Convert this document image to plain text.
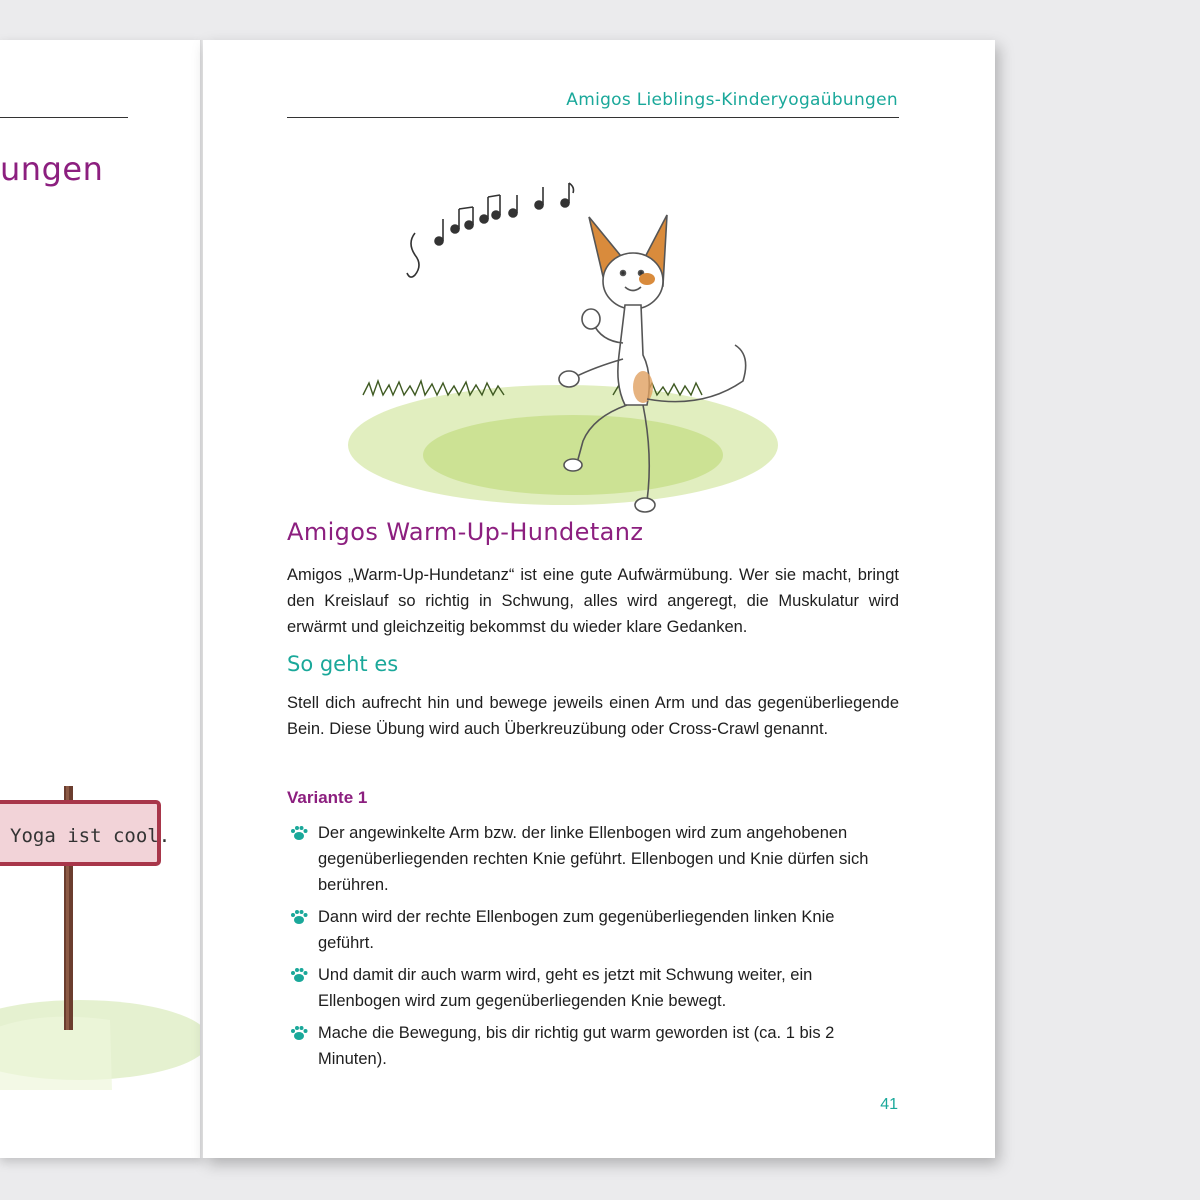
ungen
Yoga ist cool.
Amigos Lieblings-Kinderyogaübungen
Amigos Warm-Up-Hundetanz
Amigos „Warm-Up-Hundetanz“ ist eine gute Aufwärmübung. Wer sie macht, bringt den Kreislauf so richtig in Schwung, alles wird angeregt, die Muskulatur wird erwärmt und gleichzeitig bekommst du wieder klare Gedanken.
So geht es
Stell dich aufrecht hin und bewege jeweils einen Arm und das gegenüberliegende Bein. Diese Übung wird auch Überkreuzübung oder Cross-Crawl genannt.
Variante 1
Der angewinkelte Arm bzw. der linke Ellenbogen wird zum angehobenen gegenüberliegenden rechten Knie geführt. Ellenbogen und Knie dürfen sich berühren.
Dann wird der rechte Ellenbogen zum gegenüberliegenden linken Knie geführt.
Und damit dir auch warm wird, geht es jetzt mit Schwung weiter, ein Ellenbogen wird zum gegenüberliegenden Knie bewegt.
Mache die Bewegung, bis dir richtig gut warm geworden ist (ca. 1 bis 2 Minuten).
41
